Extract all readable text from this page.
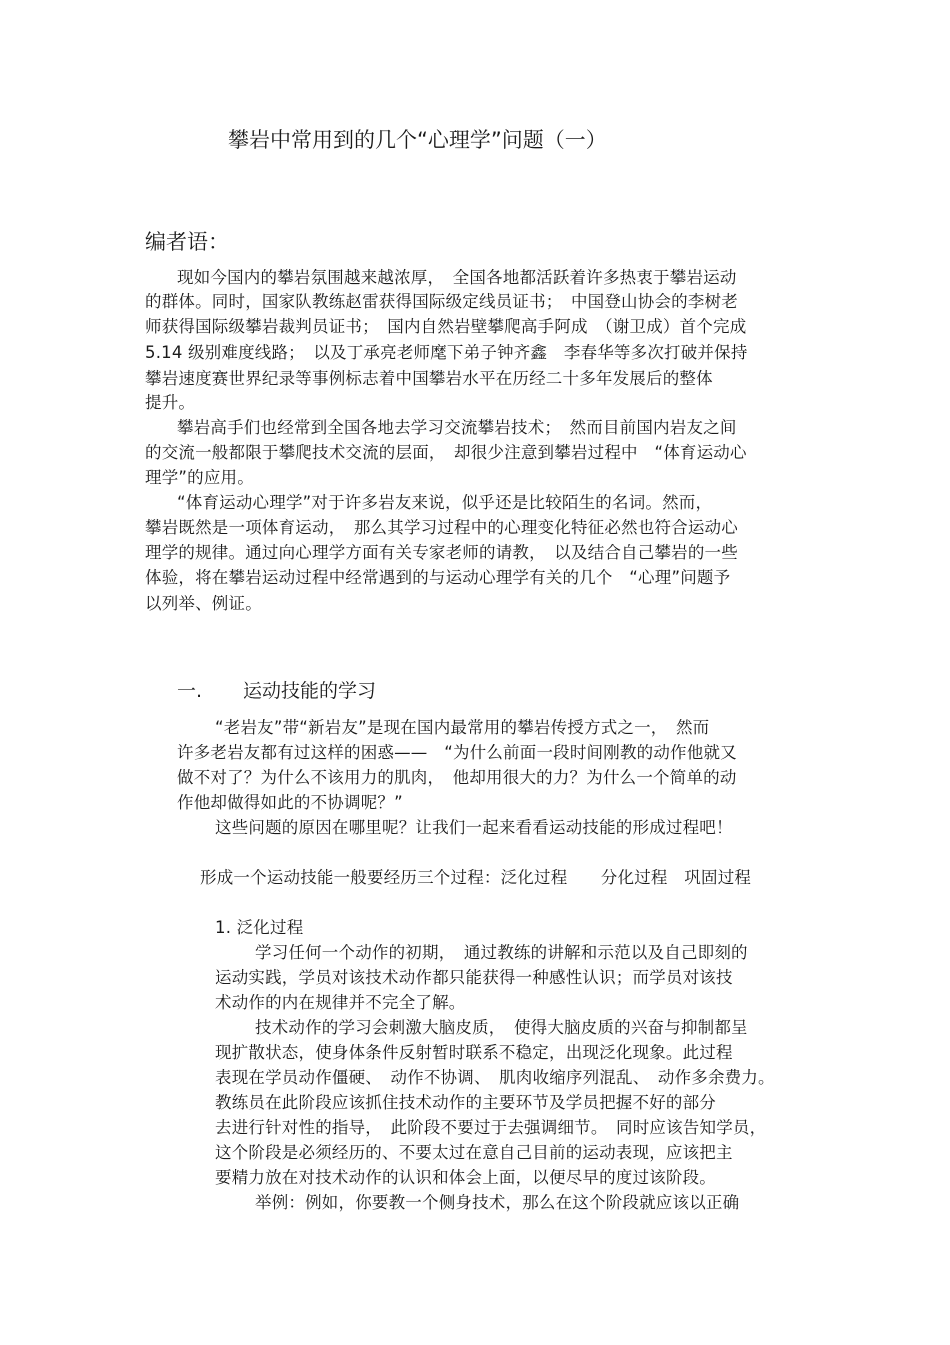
攀岩中常用到的几个“心理学”问题（一）
编者语：
现如今国内的攀岩氛围越来越浓厚，　全国各地都活跃着许多热衷于攀岩运动
的群体。同时，国家队教练赵雷获得国际级定线员证书；　中国登山协会的李树老
师获得国际级攀岩裁判员证书；　国内自然岩壁攀爬高手阿成　（谢卫成）首个完成
5.14 级别难度线路；　以及丁承亮老师麾下弟子钟齐鑫　李春华等多次打破并保持
攀岩速度赛世界纪录等事例标志着中国攀岩水平在历经二十多年发展后的整体
提升。
攀岩高手们也经常到全国各地去学习交流攀岩技术；　然而目前国内岩友之间
的交流一般都限于攀爬技术交流的层面，　却很少注意到攀岩过程中　“体育运动心
理学”的应用。
“体育运动心理学”对于许多岩友来说，似乎还是比较陌生的名词。然而，
攀岩既然是一项体育运动，　那么其学习过程中的心理变化特征必然也符合运动心
理学的规律。通过向心理学方面有关专家老师的请教，　以及结合自己攀岩的一些
体验，将在攀岩运动过程中经常遇到的与运动心理学有关的几个　“心理”问题予
以列举、例证。
一. 运动技能的学习
“老岩友”带“新岩友”是现在国内最常用的攀岩传授方式之一，　然而
许多老岩友都有过这样的困惑——　“为什么前面一段时间刚教的动作他就又
做不对了？为什么不该用力的肌肉，　他却用很大的力？为什么一个简单的动
作他却做得如此的不协调呢？”
这些问题的原因在哪里呢？让我们一起来看看运动技能的形成过程吧！
形成一个运动技能一般要经历三个过程：泛化过程　　分化过程　巩固过程
1. 泛化过程
学习任何一个动作的初期，　通过教练的讲解和示范以及自己即刻的
运动实践，学员对该技术动作都只能获得一种感性认识；而学员对该技
术动作的内在规律并不完全了解。
技术动作的学习会刺激大脑皮质，　使得大脑皮质的兴奋与抑制都呈
现扩散状态，使身体条件反射暂时联系不稳定，出现泛化现象。此过程
表现在学员动作僵硬、　动作不协调、　肌肉收缩序列混乱、　动作多余费力。
教练员在此阶段应该抓住技术动作的主要环节及学员把握不好的部分
去进行针对性的指导，　此阶段不要过于去强调细节。　同时应该告知学员，
这个阶段是必须经历的、不要太过在意自己目前的运动表现，应该把主
要精力放在对技术动作的认识和体会上面，以便尽早的度过该阶段。
举例：例如，你要教一个侧身技术，那么在这个阶段就应该以正确
